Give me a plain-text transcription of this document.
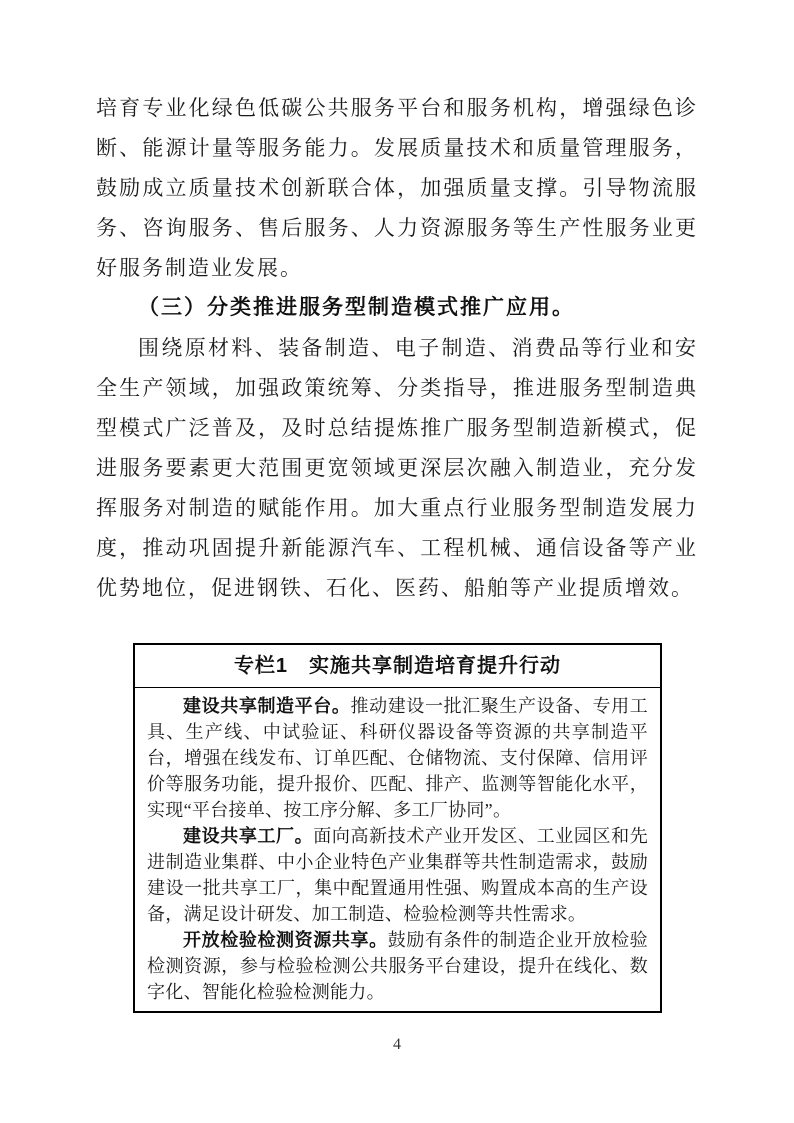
培育专业化绿色低碳公共服务平台和服务机构，增强绿色诊断、能源计量等服务能力。发展质量技术和质量管理服务，鼓励成立质量技术创新联合体，加强质量支撑。引导物流服务、咨询服务、售后服务、人力资源服务等生产性服务业更好服务制造业发展。

（三）分类推进服务型制造模式推广应用。

围绕原材料、装备制造、电子制造、消费品等行业和安全生产领域，加强政策统筹、分类指导，推进服务型制造典型模式广泛普及，及时总结提炼推广服务型制造新模式，促进服务要素更大范围更宽领域更深层次融入制造业，充分发挥服务对制造的赋能作用。加大重点行业服务型制造发展力度，推动巩固提升新能源汽车、工程机械、通信设备等产业优势地位，促进钢铁、石化、医药、船舶等产业提质增效。

专栏1　实施共享制造培育提升行动

建设共享制造平台。推动建设一批汇聚生产设备、专用工具、生产线、中试验证、科研仪器设备等资源的共享制造平台，增强在线发布、订单匹配、仓储物流、支付保障、信用评价等服务功能，提升报价、匹配、排产、监测等智能化水平，实现“平台接单、按工序分解、多工厂协同”。

建设共享工厂。面向高新技术产业开发区、工业园区和先进制造业集群、中小企业特色产业集群等共性制造需求，鼓励建设一批共享工厂，集中配置通用性强、购置成本高的生产设备，满足设计研发、加工制造、检验检测等共性需求。

开放检验检测资源共享。鼓励有条件的制造企业开放检验检测资源，参与检验检测公共服务平台建设，提升在线化、数字化、智能化检验检测能力。

4
